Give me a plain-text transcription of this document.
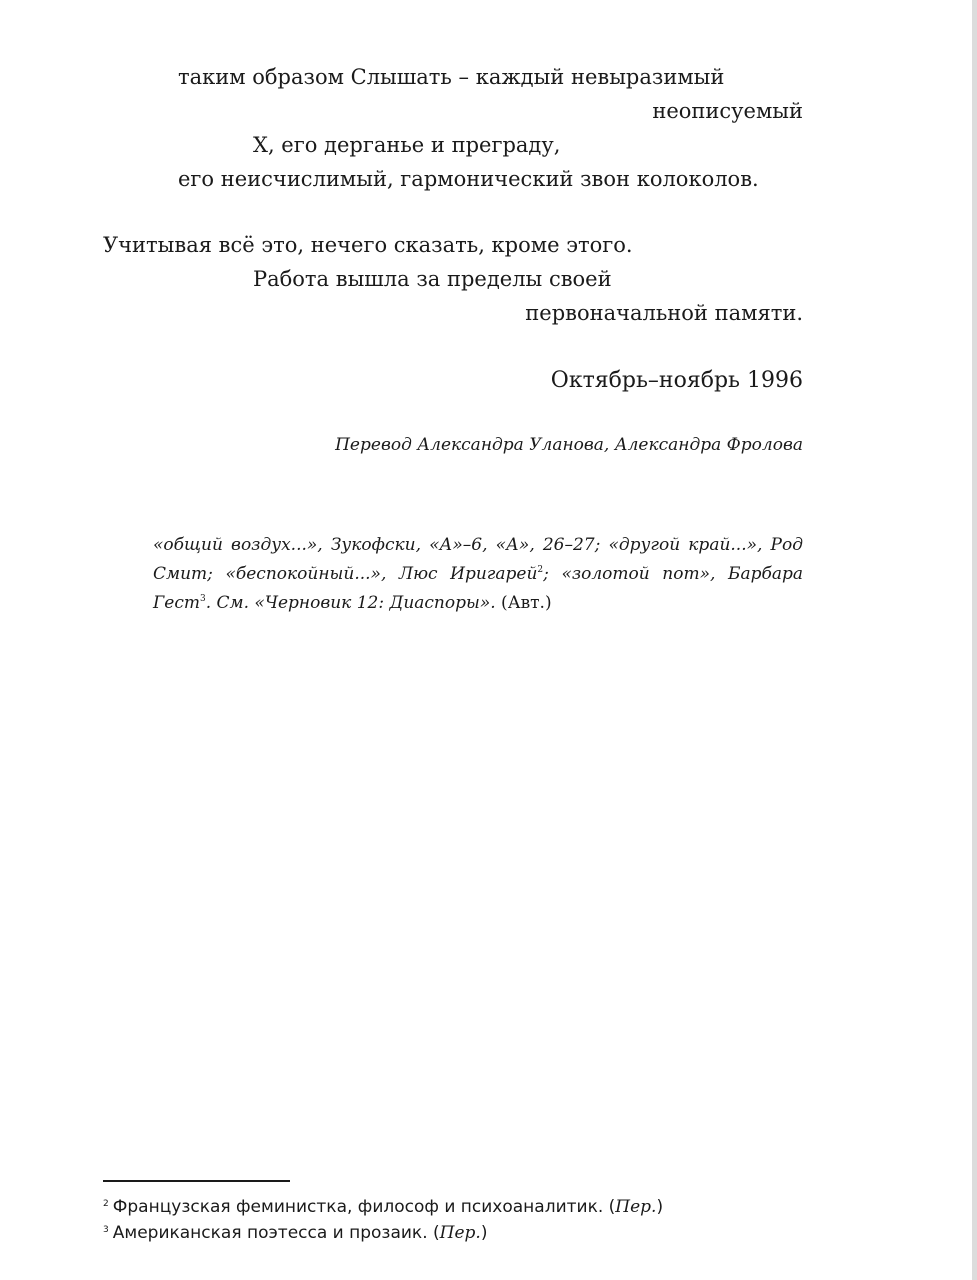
таким образом Слышать – каждый невыразимый
неописуемый
Х, его дерганье и преграду,
его неисчислимый, гармонический звон колоколов.
Учитывая всё это, нечего сказать, кроме этого.
Работа вышла за пределы своей
первоначальной памяти.
Октябрь–ноябрь 1996
Перевод Александра Уланова, Александра Фролова
«общий воздух...», Зукофски, «А»–6, «А», 26–27; «другой край...», Род Смит; «беспокойный...», Люс Иригарей$^2$; «золотой пот», Барбара Гест$^3$. См. «Черновик 12: Диаспоры». (Авт.)
$^2$ Французская феминистка, философ и психоаналитик. (Пер.)
$^3$ Американская поэтесса и прозаик. (Пер.)
